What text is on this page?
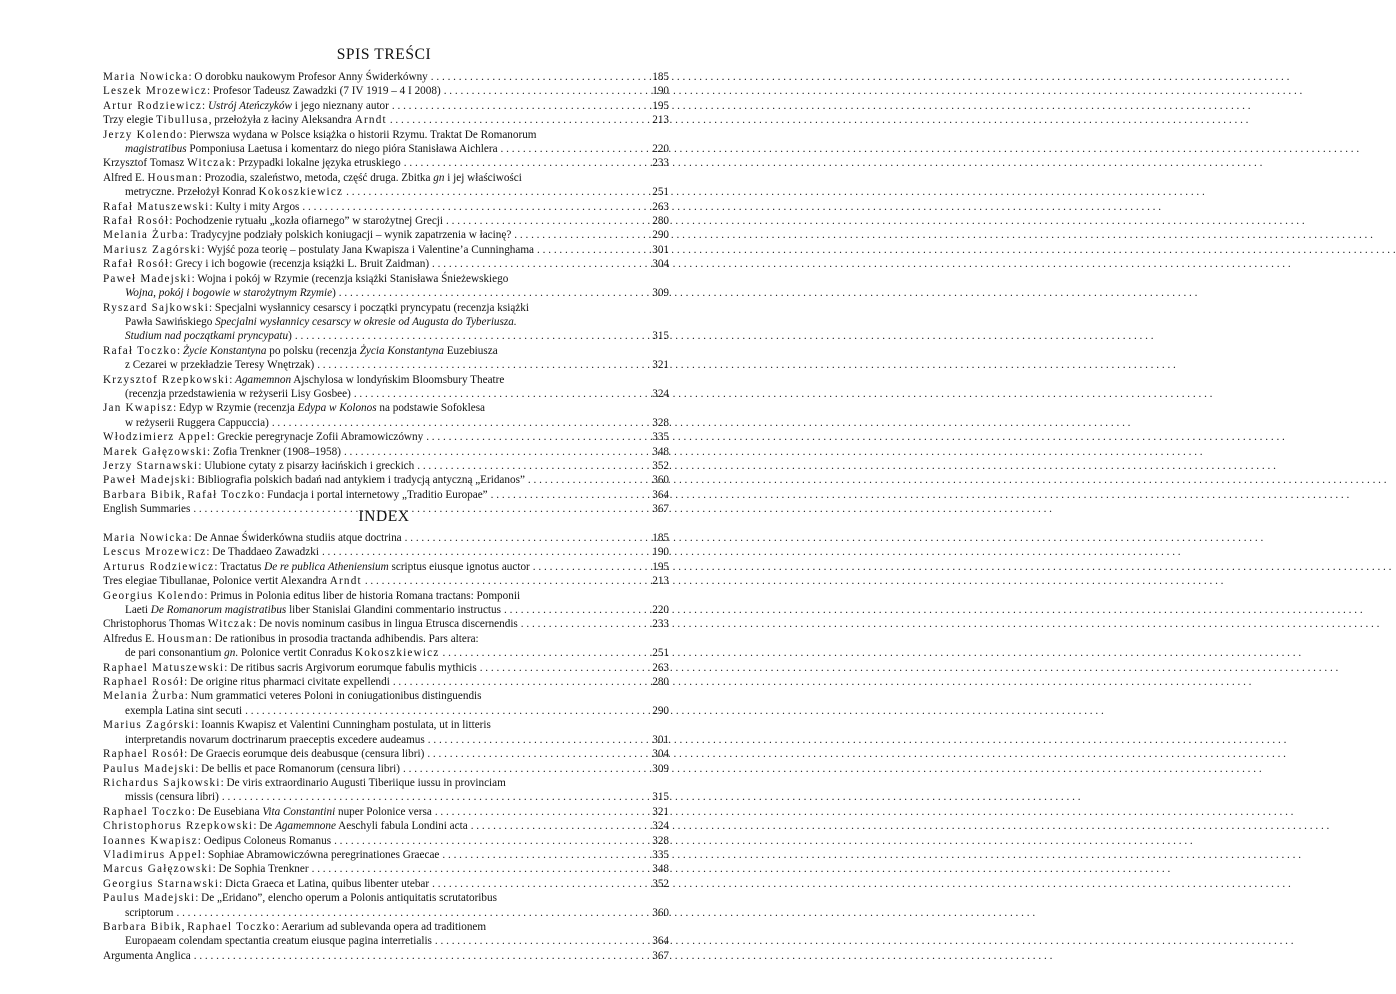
SPIS TREŚCI
Maria Nowicka: O dorobku naukowym Profesor Anny Świderkówny . . .	185
Leszek Mrozewicz: Profesor Tadeusz Zawadzki (7 IV 1919 – 4 I 2008) . . .	190
Artur Rodziewicz: Ustrój Ateńczyków i jego nieznany autor . . .	195
Trzy elegie Tibullusa, przełożyła z łaciny Aleksandra Arndt . . .	213
Jerzy Kolendo: Pierwsza wydana w Polsce książka o historii Rzymu. Traktat De Romanorum
magistratibus Pomponiusa Laetusa i komentarz do niego pióra Stanisława Aichlera . . .	220
Krzysztof Tomasz Witczak: Przypadki lokalne języka etruskiego . . .	233
Alfred E. Housman: Prozodia, szaleństwo, metoda, część druga. Zbitka gn i jej właściwości
metryczne. Przełożył Konrad Kokoszkiewicz . . .	251
Rafał Matuszewski: Kulty i mity Argos . . .	263
Rafał Rosół: Pochodzenie rytuału „kozła ofiarnego” w starożytnej Grecji . . .	280
Melania Żurba: Tradycyjne podziały polskich koniugacji – wynik zapatrzenia w łacinę? . . .	290
Mariusz Zagórski: Wyjść poza teorię – postulaty Jana Kwapisza i Valentine’a Cunninghama . . .	301
Rafał Rosół: Grecy i ich bogowie (recenzja książki L. Bruit Zaidman) . . .	304
Paweł Madejski: Wojna i pokój w Rzymie (recenzja książki Stanisława Śnieżewskiego
Wojna, pokój i bogowie w starożytnym Rzymie) . . .	309
Ryszard Sajkowski: Specjalni wysłannicy cesarscy i początki pryncypatu (recenzja książki
Pawła Sawińskiego Specjalni wysłannicy cesarscy w okresie od Augusta do Tyberiusza.
Studium nad początkami pryncypatu) . . .	315
Rafał Toczko: Życie Konstantyna po polsku (recenzja Życia Konstantyna Euzebiusza
z Cezarei w przekładzie Teresy Wnętrzak) . . .	321
Krzysztof Rzepkowski: Agamemnon Ajschylosa w londyńskim Bloomsbury Theatre
(recenzja przedstawienia w reżyserii Lisy Gosbee) . . .	324
Jan Kwapisz: Edyp w Rzymie (recenzja Edypa w Kolonos na podstawie Sofoklesa
w reżyserii Ruggera Cappuccia) . . .	328
Włodzimierz Appel: Greckie peregrynacje Zofii Abramowiczówny . . .	335
Marek Gałęzowski: Zofia Trenkner (1908–1958) . . .	348
Jerzy Starnawski: Ulubione cytaty z pisarzy łacińskich i greckich . . .	352
Paweł Madejski: Bibliografia polskich badań nad antykiem i tradycją antyczną „Eridanos” . . .	360
Barbara Bibik, Rafał Toczko: Fundacja i portal internetowy „Traditio Europae” . . .	364
English Summaries . . .	367
INDEX
Maria Nowicka: De Annae Świderkówna studiis atque doctrina . . .	185
Lescus Mrozewicz: De Thaddaeo Zawadzki . . .	190
Arturus Rodziewicz: Tractatus De re publica Atheniensium scriptus eiusque ignotus auctor . . .	195
Tres elegiae Tibullanae, Polonice vertit Alexandra Arndt . . .	213
Georgius Kolendo: Primus in Polonia editus liber de historia Romana tractans: Pomponii
Laeti De Romanorum magistratibus liber Stanislai Glandini commentario instructus . . .	220
Christophorus Thomas Witczak: De novis nominum casibus in lingua Etrusca discernendis . . .	233
Alfredus E. Housman: De rationibus in prosodia tractanda adhibendis. Pars altera:
de pari consonantium gn. Polonice vertit Conradus Kokoszkiewicz . . .	251
Raphael Matuszewski: De ritibus sacris Argivorum eorumque fabulis mythicis . . .	263
Raphael Rosół: De origine ritus pharmaci civitate expellendi . . .	280
Melania Żurba: Num grammatici veteres Poloni in coniugationibus distinguendis
exempla Latina sint secuti . . .	290
Marius Zagórski: Ioannis Kwapisz et Valentini Cunningham postulata, ut in litteris
interpretandis novarum doctrinarum praeceptis excedere audeamus . . .	301
Raphael Rosół: De Graecis eorumque deis deabusque (censura libri) . . .	304
Paulus Madejski: De bellis et pace Romanorum (censura libri) . . .	309
Richardus Sajkowski: De viris extraordinario Augusti Tiberiique iussu in provinciam
missis (censura libri) . . .	315
Raphael Toczko: De Eusebiana Vita Constantini nuper Polonice versa . . .	321
Christophorus Rzepkowski: De Agamemnone Aeschyli fabula Londini acta . . .	324
Ioannes Kwapisz: Oedipus Coloneus Romanus . . .	328
Vladimirus Appel: Sophiae Abramowiczówna peregrinationes Graecae . . .	335
Marcus Gałęzowski: De Sophia Trenkner . . .	348
Georgius Starnawski: Dicta Graeca et Latina, quibus libenter utebar . . .	352
Paulus Madejski: De „Eridano”, elencho operum a Polonis antiquitatis scrutatoribus
scriptorum . . .	360
Barbara Bibik, Raphael Toczko: Aerarium ad sublevanda opera ad traditionem
Europaeam colendam spectantia creatum eiusque pagina interretialis . . .	364
Argumenta Anglica . . .	367
